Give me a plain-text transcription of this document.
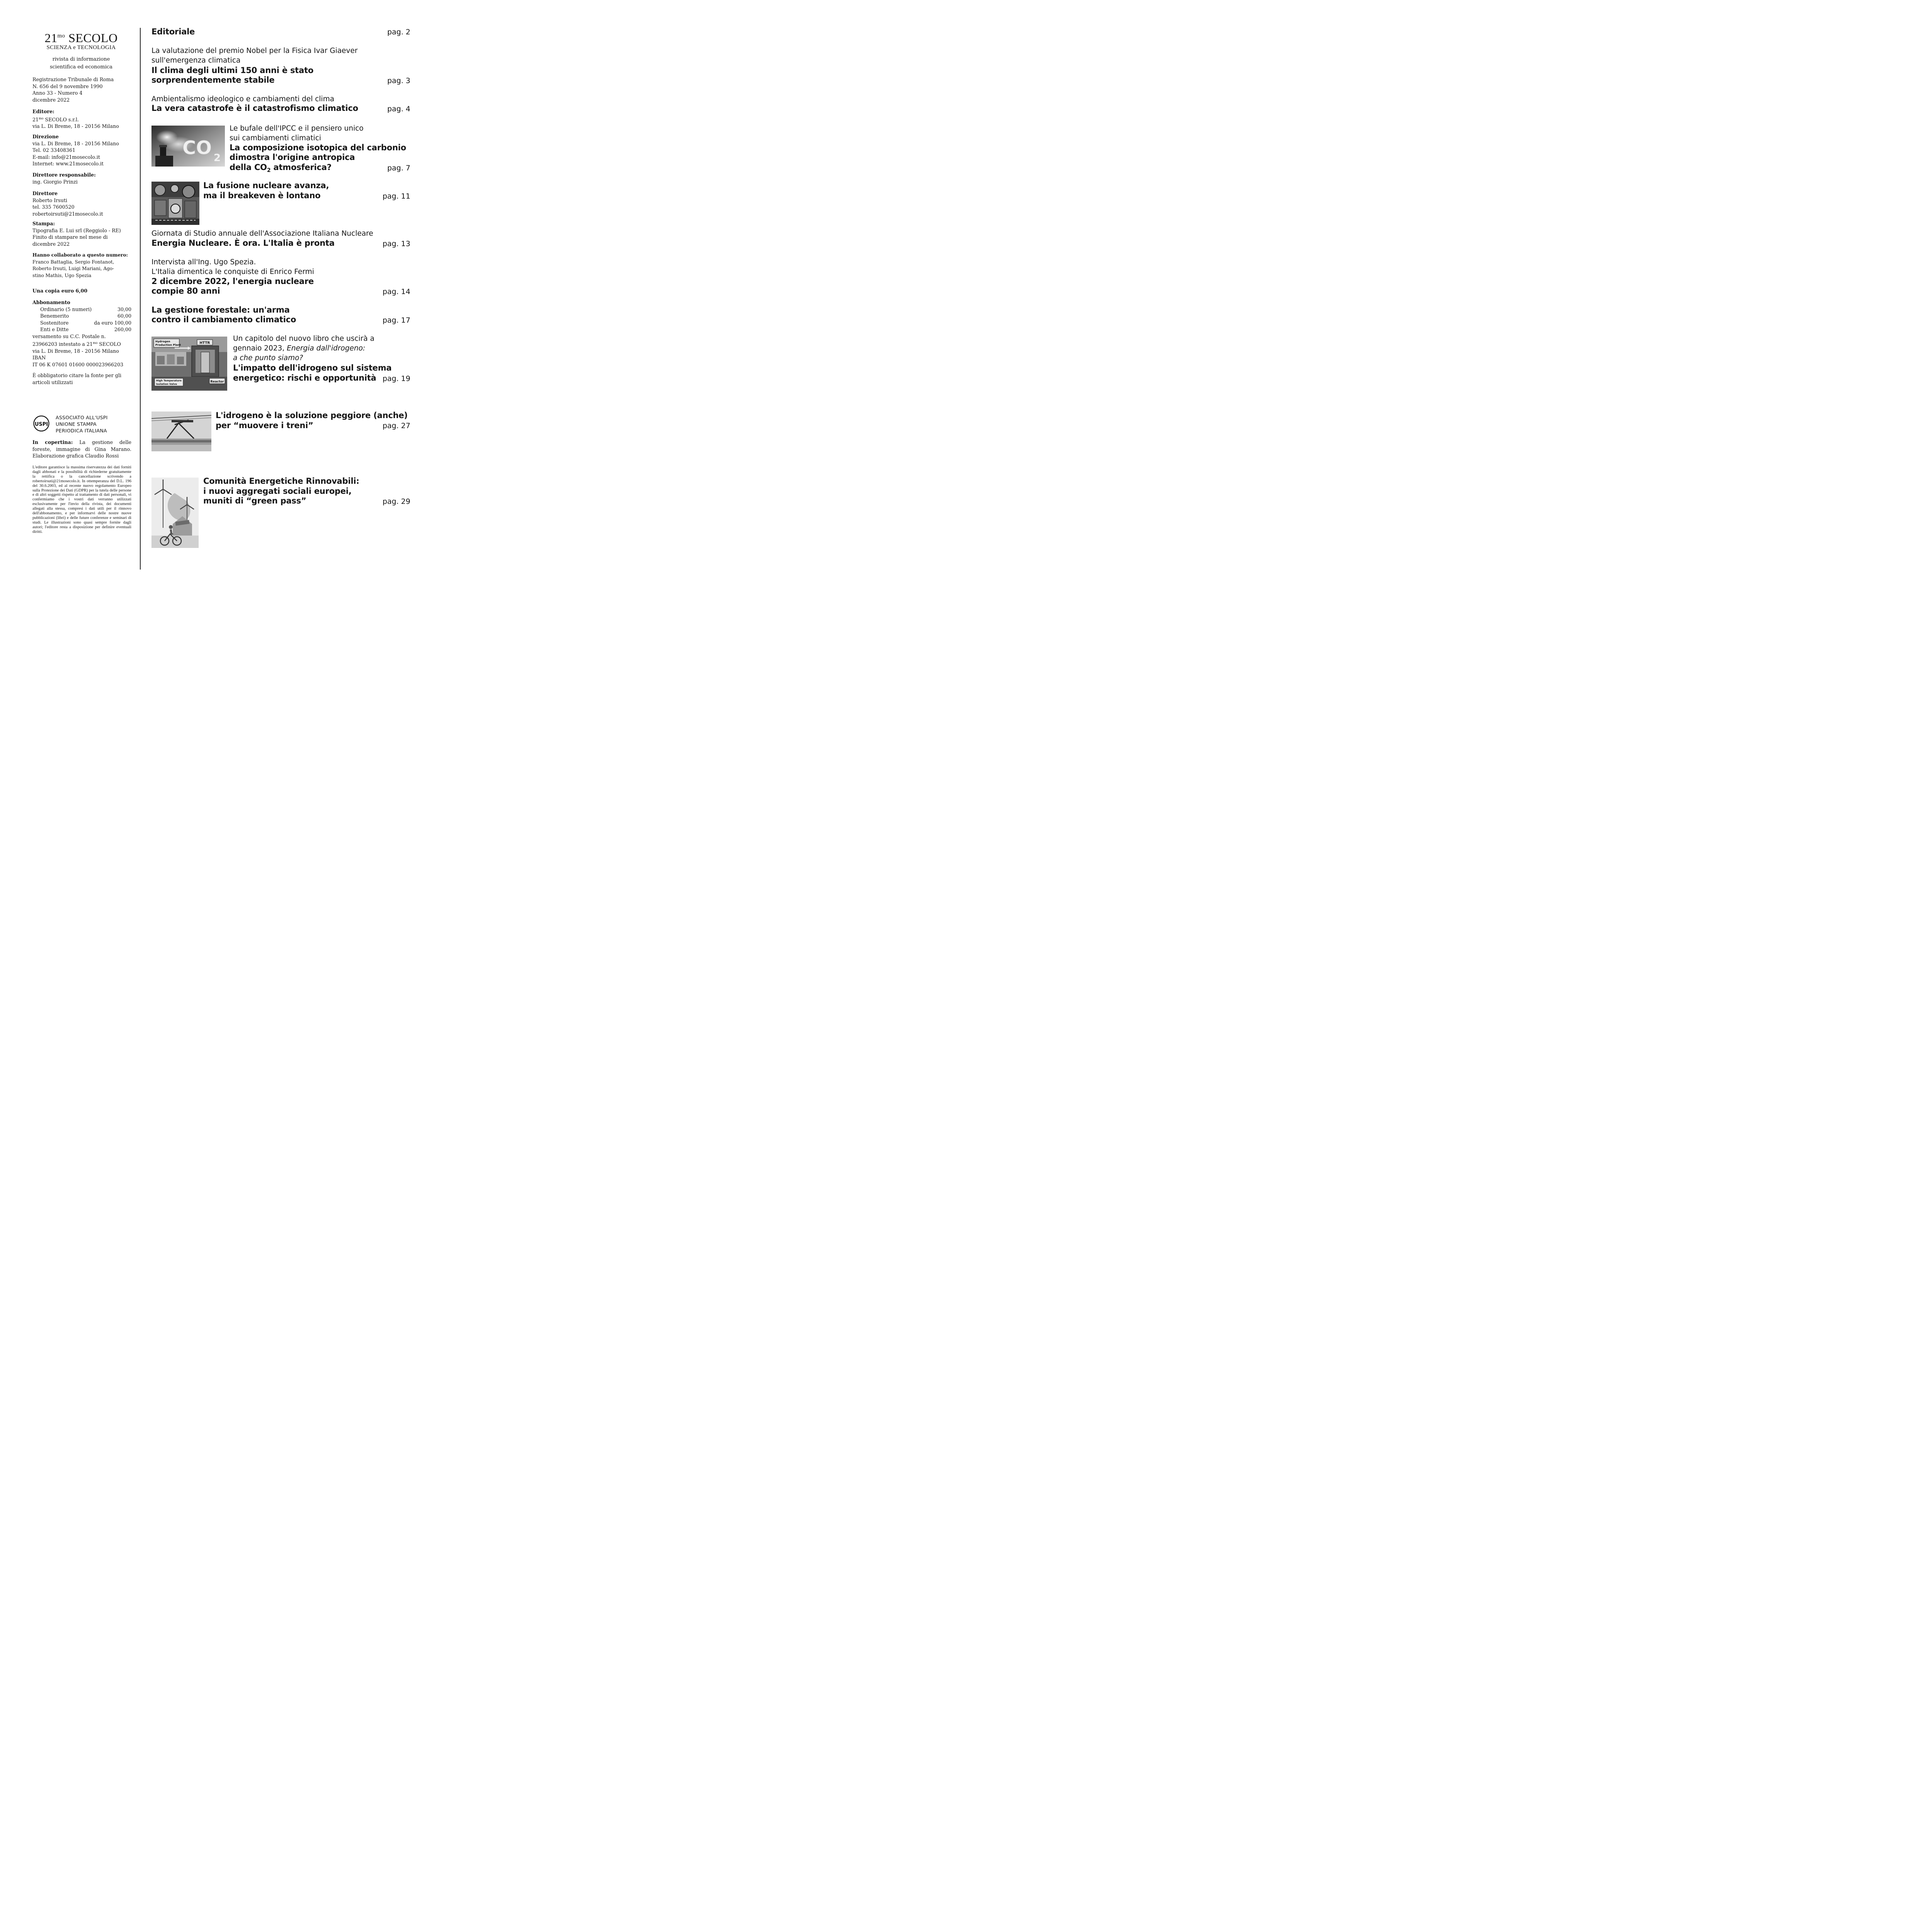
$21^{mo}$ SECOLO
SCIENZA e TECNOLOGIA
rivista di informazione
scientifica ed economica
Registrazione Tribunale di Roma
N. 656 del 9 novembre 1990
Anno 33 - Numero 4
dicembre 2022
Editore:
$21^{mo}$ SECOLO s.r.l.
via L. Di Breme, 18 - 20156 Milano
Direzione
via L. Di Breme, 18 - 20156 Milano
Tel. 02 33408361
E-mail: info@21mosecolo.it
Internet: www.21mosecolo.it
Direttore responsabile:
ing. Giorgio Prinzi
Direttore
Roberto Irsuti
tel. 335 7600520
robertoirsuti@21mosecolo.it
Stampa:
Tipografia E. Lui srl (Reggiolo - RE)
Finito di stampare nel mese di
dicembre 2022
Hanno collaborato a questo numero:
Franco Battaglia, Sergio Fontanot,
Roberto Irsuti, Luigi Mariani, Ago-
stino Mathis, Ugo Spezia
Una copia euro 6,00
Abbonamento
Ordinario (5 numeri)	30,00
Benemerito	60,00
Sostenitore	da euro 100,00
Enti e Ditte	260,00
versamento su C.C. Postale n.
23966203 intestato a $21^{mo}$ SECOLO
via L. Di Breme, 18 - 20156 Milano
IBAN
IT 06 K 07601 01600 000023966203
È obbligatorio citare la fonte per gli
articoli utilizzati
USPI
ASSOCIATO ALL'USPI
UNIONE STAMPA
PERIODICA ITALIANA
In copertina: La gestione delle foreste, immagine di Gina Marano. Elaborazione grafica Claudio Rossi
L'editore garantisce la massima riservatezza dei dati forniti dagli abbonati e la possibilità di richiederne gratuitamente la rettifica o la cancellazione scrivendo a robertoirsuti@21mosecolo.it. In ottemperanza del D.L. 196 del 30.6.2003, ed al recente nuovo regolamento Europeo sulla Protezione dei Dati (GDPR) per la tutela delle persone e di altri soggetti rispetto al trattamento di dati personali, vi confermiamo che i vostri dati verranno utilizzati esclusivamente per l'invio della rivista, dei documenti allegati alla stessa, compresi i dati utili per il rinnovo dell'abbonamento, e per informarvi delle nostre nuove pubblicazioni (libri) e delle future conferenze e seminari di studi. Le illustrazioni sono quasi sempre fornite dagli autori; l'editore resta a disposizione per definire eventuali diritti.
Editoriale	pag. 2
La valutazione del premio Nobel per la Fisica Ivar Giaever
sull'emergenza climatica
Il clima degli ultimi 150 anni è stato
sorprendentemente stabile	pag. 3
Ambientalismo ideologico e cambiamenti del clima
La vera catastrofe è il catastrofismo climatico	pag. 4
CO 2
Le bufale dell'IPCC e il pensiero unico
sui cambiamenti climatici
La composizione isotopica del carbonio
dimostra l'origine antropica
della $CO_2$ atmosferica?	pag. 7
La fusione nucleare avanza,
ma il breakeven è lontano	pag. 11
Giornata di Studio annuale dell'Associazione Italiana Nucleare
Energia Nucleare. È ora. L'Italia è pronta	pag. 13
Intervista all'Ing. Ugo Spezia.
L'Italia dimentica le conquiste di Enrico Fermi
2 dicembre 2022, l'energia nucleare
compie 80 anni	pag. 14
La gestione forestale: un'arma
contro il cambiamento climatico	pag. 17
Hydrogen
Production Plant	HTTR
High Temperature
Isolation Valve
Reactor
Un capitolo del nuovo libro che uscirà a
gennaio 2023, Energia dall'idrogeno:
a che punto siamo?
L'impatto dell'idrogeno sul sistema
energetico: rischi e opportunità pag. 19
L'idrogeno è la soluzione peggiore (anche)
per “muovere i treni”	pag. 27
Comunità Energetiche Rinnovabili:
i nuovi aggregati sociali europei,
muniti di “green pass”	pag. 29
